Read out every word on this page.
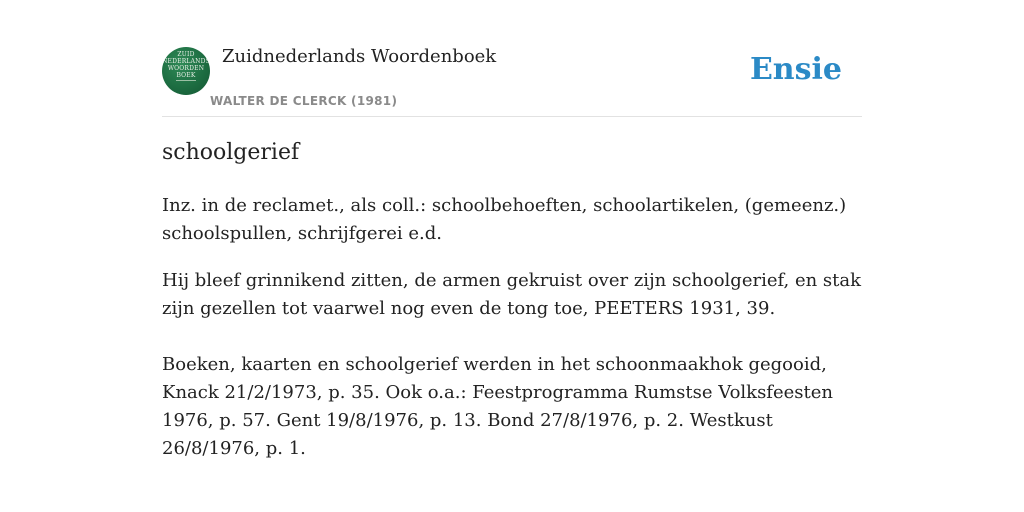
ZUID
NEDERLANDS
WOORDEN
BOEK
Zuidnederlands Woordenboek
WALTER DE CLERCK (1981)
Ensie
schoolgerief
Inz. in de reclamet., als coll.: schoolbehoeften, schoolartikelen, (gemeenz.) schoolspullen, schrijfgerei e.d.
Hij bleef grinnikend zitten, de armen gekruist over zijn schoolgerief, en stak zijn gezellen tot vaarwel nog even de tong toe, PEETERS 1931, 39.
Boeken, kaarten en schoolgerief werden in het schoonmaakhok gegooid, Knack 21/2/1973, p. 35. Ook o.a.: Feestprogramma Rumstse Volksfeesten 1976, p. 57. Gent 19/8/1976, p. 13. Bond 27/8/1976, p. 2. Westkust 26/8/1976, p. 1.
